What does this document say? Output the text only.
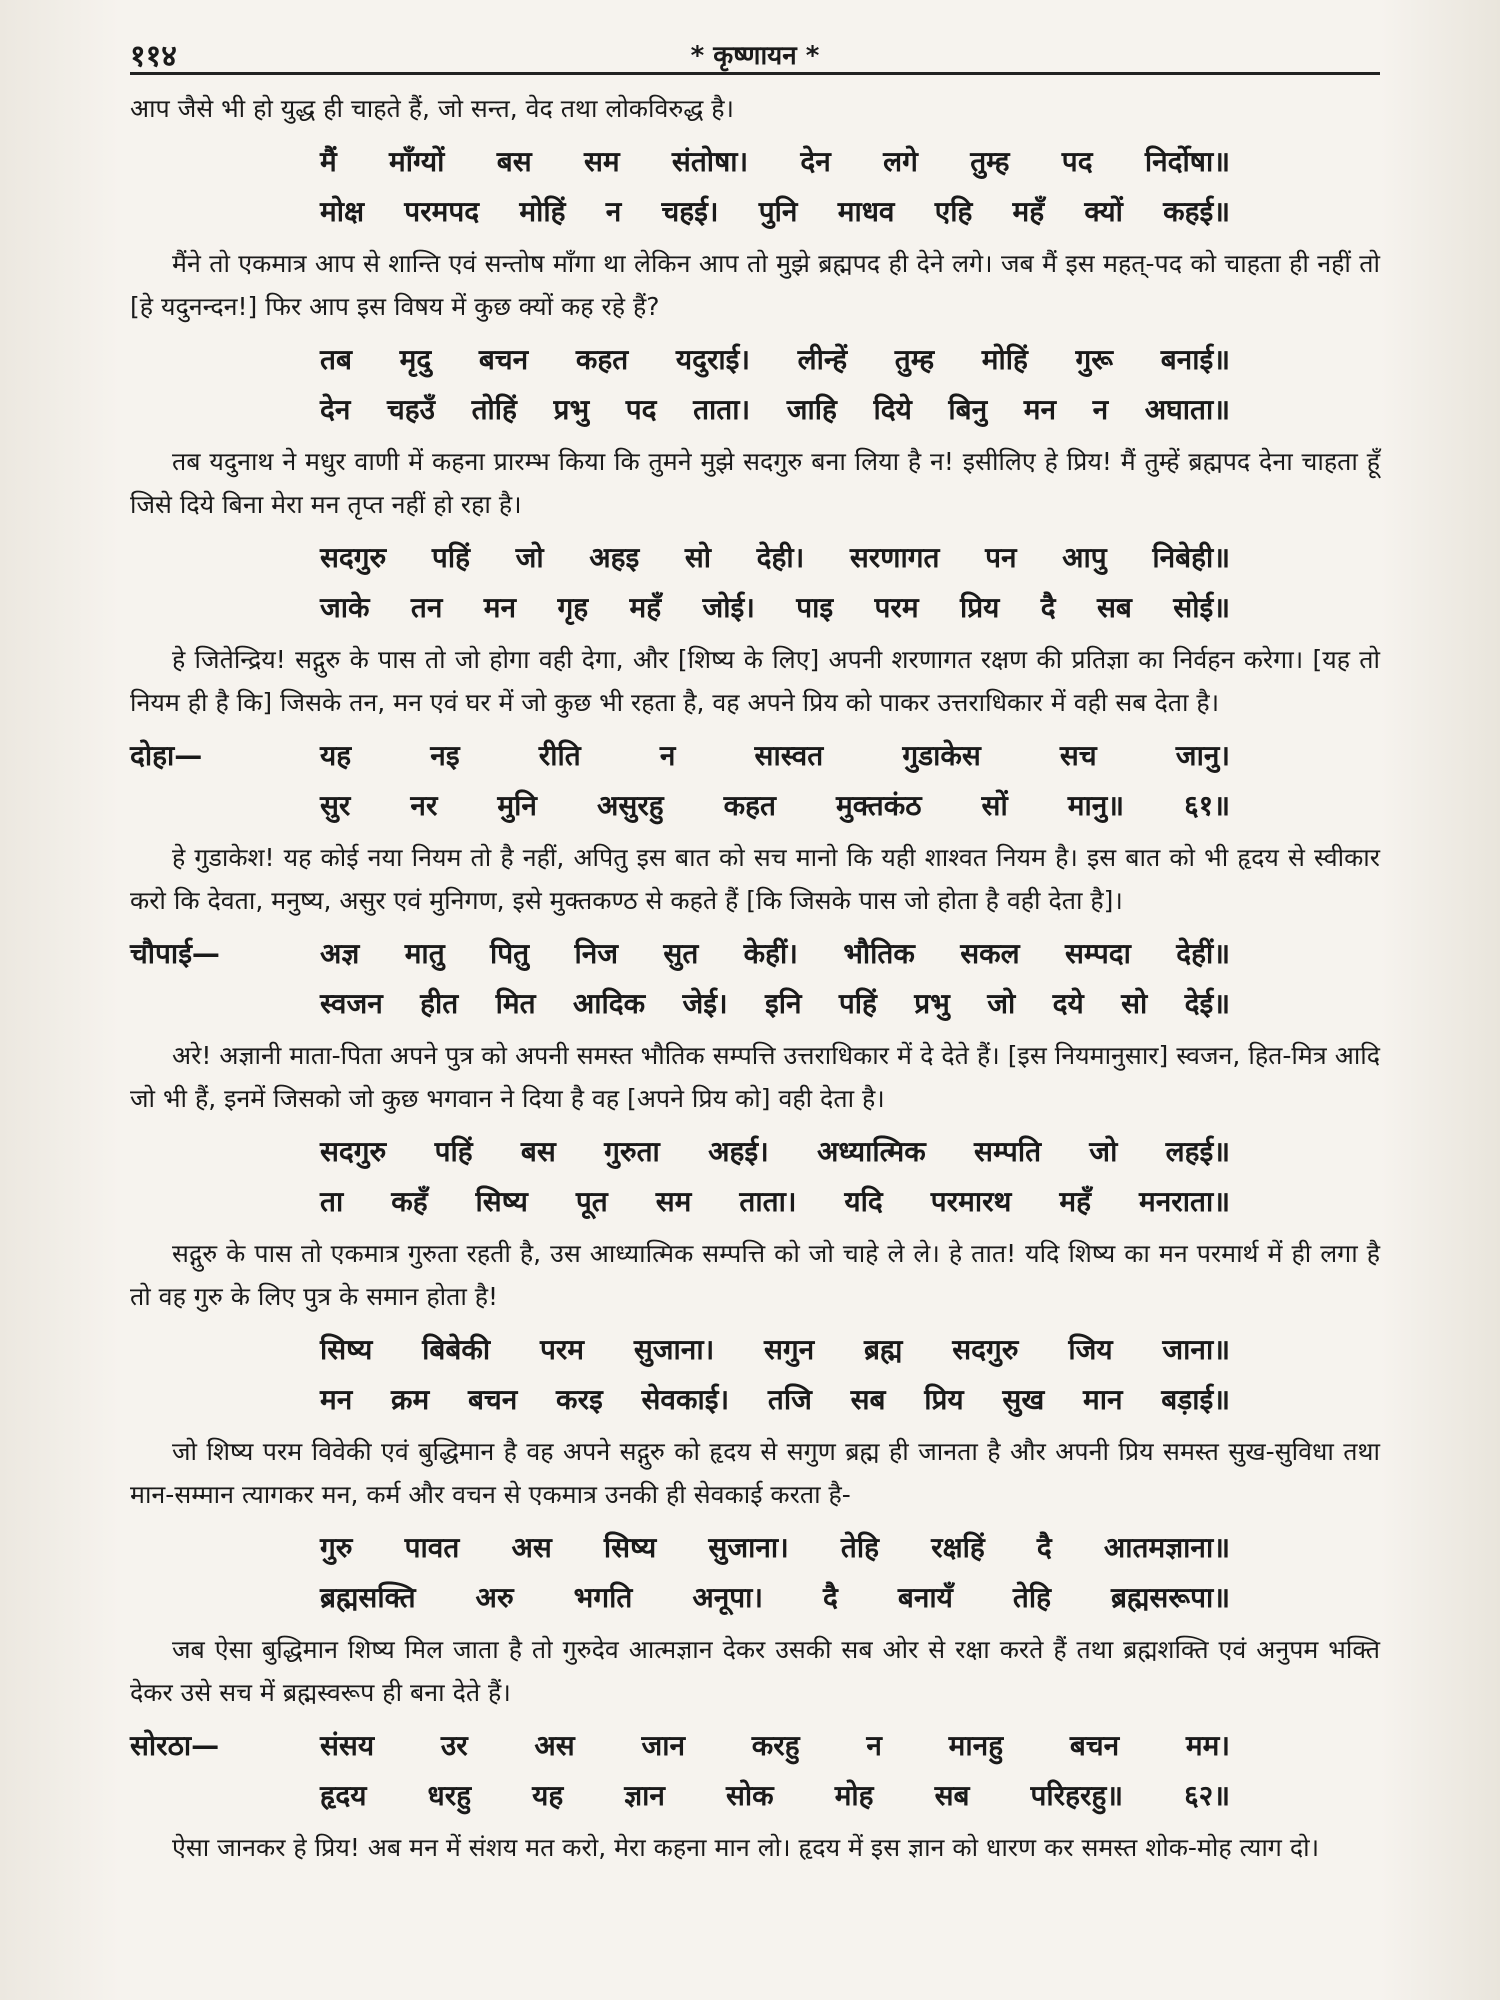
११४	* कृष्णायन *

आप जैसे भी हो युद्ध ही चाहते हैं, जो सन्त, वेद तथा लोकविरुद्ध है।

मैं माँग्यों बस सम संतोषा। देन लगे तुम्ह पद निर्दोषा॥
मोक्ष परमपद मोहिं न चहई। पुनि माधव एहि महँ क्यों कहई॥

मैंने तो एकमात्र आप से शान्ति एवं सन्तोष माँगा था लेकिन आप तो मुझे ब्रह्मपद ही देने लगे। जब मैं इस महत्-पद को चाहता ही नहीं तो [हे यदुनन्दन!] फिर आप इस विषय में कुछ क्यों कह रहे हैं?

तब मृदु बचन कहत यदुराई। लीन्हें तुम्ह मोहिं गुरू बनाई॥
देन चहउँ तोहिं प्रभु पद ताता। जाहि दिये बिनु मन न अघाता॥

तब यदुनाथ ने मधुर वाणी में कहना प्रारम्भ किया कि तुमने मुझे सदगुरु बना लिया है न! इसीलिए हे प्रिय! मैं तुम्हें ब्रह्मपद देना चाहता हूँ जिसे दिये बिना मेरा मन तृप्त नहीं हो रहा है।

सदगुरु पहिं जो अहइ सो देही। सरणागत पन आपु निबेही॥
जाके तन मन गृह महँ जोई। पाइ परम प्रिय दै सब सोई॥

हे जितेन्द्रिय! सद्गुरु के पास तो जो होगा वही देगा, और [शिष्य के लिए] अपनी शरणागत रक्षण की प्रतिज्ञा का निर्वहन करेगा। [यह तो नियम ही है कि] जिसके तन, मन एवं घर में जो कुछ भी रहता है, वह अपने प्रिय को पाकर उत्तराधिकार में वही सब देता है।

दोहा—	यह नइ रीति न सास्वत गुडाकेस सच जानु।
सुर नर मुनि असुरहु कहत मुक्तकंठ सों मानु॥ ६१॥

हे गुडाकेश! यह कोई नया नियम तो है नहीं, अपितु इस बात को सच मानो कि यही शाश्वत नियम है। इस बात को भी हृदय से स्वीकार करो कि देवता, मनुष्य, असुर एवं मुनिगण, इसे मुक्तकण्ठ से कहते हैं [कि जिसके पास जो होता है वही देता है]।

चौपाई—	अज्ञ मातु पितु निज सुत केहीं। भौतिक सकल सम्पदा देहीं॥
स्वजन हीत मित आदिक जेई। इनि पहिं प्रभु जो दये सो देई॥

अरे! अज्ञानी माता-पिता अपने पुत्र को अपनी समस्त भौतिक सम्पत्ति उत्तराधिकार में दे देते हैं। [इस नियमानुसार] स्वजन, हित-मित्र आदि जो भी हैं, इनमें जिसको जो कुछ भगवान ने दिया है वह [अपने प्रिय को] वही देता है।

सदगुरु पहिं बस गुरुता अहई। अध्यात्मिक सम्पति जो लहई॥
ता कहँ सिष्य पूत सम ताता। यदि परमारथ महँ मनराता॥

सद्गुरु के पास तो एकमात्र गुरुता रहती है, उस आध्यात्मिक सम्पत्ति को जो चाहे ले ले। हे तात! यदि शिष्य का मन परमार्थ में ही लगा है तो वह गुरु के लिए पुत्र के समान होता है!

सिष्य बिबेकी परम सुजाना। सगुन ब्रह्म सदगुरु जिय जाना॥
मन क्रम बचन करइ सेवकाई। तजि सब प्रिय सुख मान बड़ाई॥

जो शिष्य परम विवेकी एवं बुद्धिमान है वह अपने सद्गुरु को हृदय से सगुण ब्रह्म ही जानता है और अपनी प्रिय समस्त सुख-सुविधा तथा मान-सम्मान त्यागकर मन, कर्म और वचन से एकमात्र उनकी ही सेवकाई करता है-

गुरु पावत अस सिष्य सुजाना। तेहि रक्षहिं दै आतमज्ञाना॥
ब्रह्मसक्ति अरु भगति अनूपा। दै बनायँ तेहि ब्रह्मसरूपा॥

जब ऐसा बुद्धिमान शिष्य मिल जाता है तो गुरुदेव आत्मज्ञान देकर उसकी सब ओर से रक्षा करते हैं तथा ब्रह्मशक्ति एवं अनुपम भक्ति देकर उसे सच में ब्रह्मस्वरूप ही बना देते हैं।

सोरठा—	संसय उर अस जान करहु न मानहु बचन मम।
हृदय धरहु यह ज्ञान सोक मोह सब परिहरहु॥ ६२॥

ऐसा जानकर हे प्रिय! अब मन में संशय मत करो, मेरा कहना मान लो। हृदय में इस ज्ञान को धारण कर समस्त शोक-मोह त्याग दो।
